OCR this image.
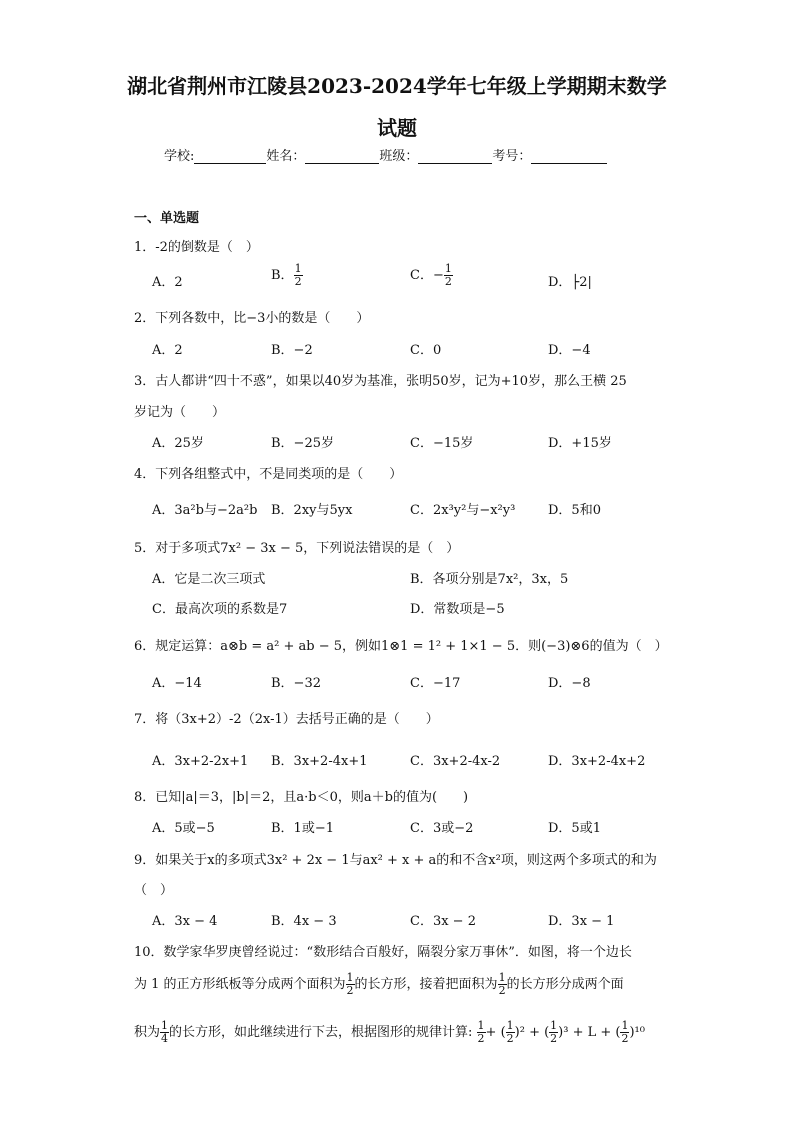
湖北省荆州市江陵县2023-2024学年七年级上学期期末数学
试题
学校:	姓名：	班级：	考号：
一、单选题
1．-2的倒数是（　）
A．2	B． $\frac{1}{2}$	C．− $\frac{1}{2}$	D．├2|
2．下列各数中，比−3小的数是（　　）
A．2	B．−2	C．0	D．−4
3．古人都讲“四十不惑”，如果以40岁为基准，张明50岁，记为+10岁，那么王横 25
岁记为（　　）
A．25岁	B．−25岁	C．−15岁	D．+15岁
4．下列各组整式中，不是同类项的是（　　）
A．3a²b与−2a²b B．2xy与5yx	C．2x³y²与−x²y³	D．5和0
5．对于多项式7x² − 3x − 5，下列说法错误的是（　）
A．它是二次三项式	B．各项分别是7x²，3x，5
C．最高次项的系数是7	D．常数项是−5
6．规定运算：a⊗b = a² + ab − 5，例如1⊗1 = 1² + 1×1 − 5．则(−3)⊗6的值为（　）
A．−14	B．−32	C．−17	D．−8
7．将（3x+2）-2（2x-1）去括号正确的是（　　）
A．3x+2-2x+1 B．3x+2-4x+1	C．3x+2-4x-2	D．3x+2-4x+2
8．已知|a|＝3，|b|＝2，且a·b＜0，则a＋b的值为(　　)
A．5或−5	B．1或−1	C．3或−2	D．5或1
9．如果关于x的多项式3x² + 2x − 1与ax² + x + a的和不含x²项，则这两个多项式的和为
（　）
A．3x − 4	B．4x − 3	C．3x − 2	D．3x − 1
10．数学家华罗庚曾经说过：“数形结合百般好，隔裂分家万事休”．如图，将一个边长
为 1 的正方形纸板等分成两个面积为 $\frac{1}{2}$ 的长方形，接着把面积为 $\frac{1}{2}$ 的长方形分成两个面
积为 $\frac{1}{4}$ 的长方形，如此继续进行下去，根据图形的规律计算: $\frac{1}{2}$ + ( $\frac{1}{2} )^2$ + ( $\frac{1}{2} )^3 + L$ + ( $\frac{1}{2} )^{10}$
